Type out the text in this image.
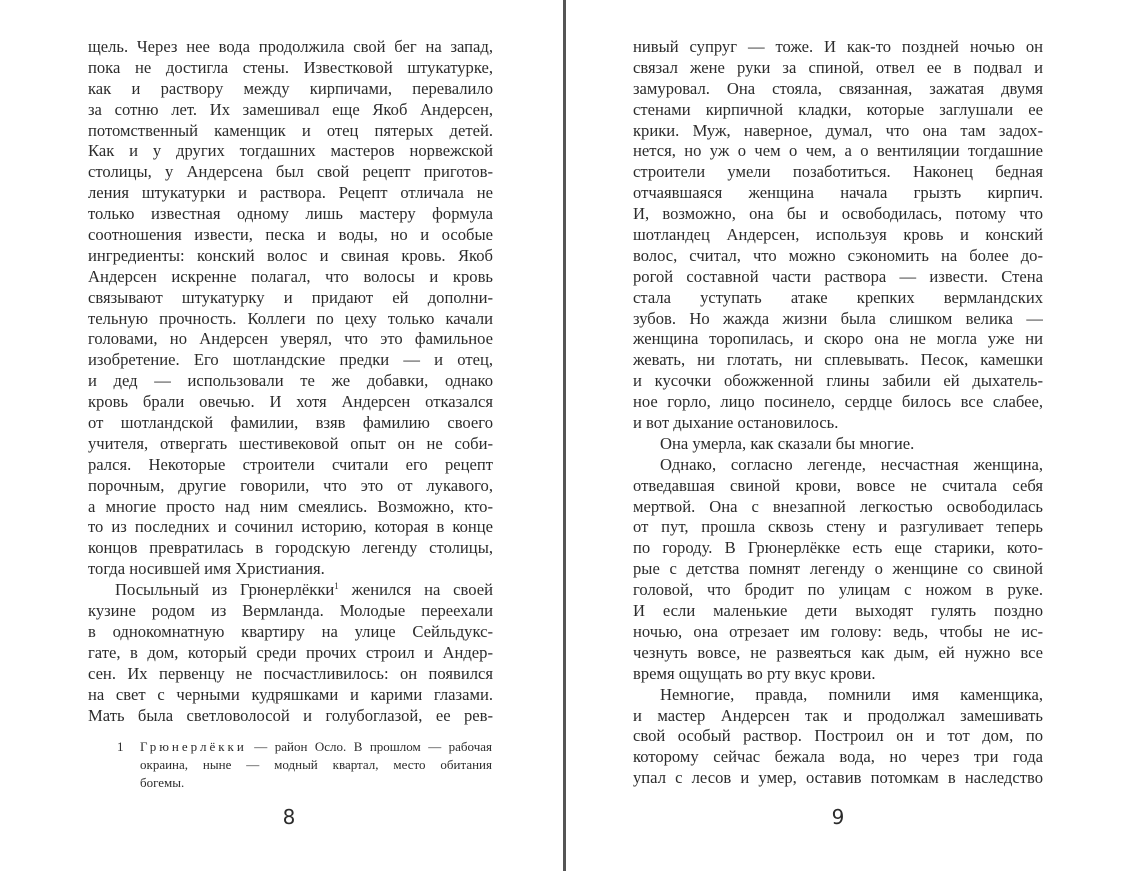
щель. Через нее вода продолжила свой бег на запад,
пока не достигла стены. Известковой штукатурке,
как и раствору между кирпичами, перевалило
за сотню лет. Их замешивал еще Якоб Андерсен,
потомственный каменщик и отец пятерых детей.
Как и у других тогдашних мастеров норвежской
столицы, у Андерсена был свой рецепт приготов-
ления штукатурки и раствора. Рецепт отличала не
только известная одному лишь мастеру формула
соотношения извести, песка и воды, но и особые
ингредиенты: конский волос и свиная кровь. Якоб
Андерсен искренне полагал, что волосы и кровь
связывают штукатурку и придают ей дополни-
тельную прочность. Коллеги по цеху только качали
головами, но Андерсен уверял, что это фамильное
изобретение. Его шотландские предки — и отец,
и дед — использовали те же добавки, однако
кровь брали овечью. И хотя Андерсен отказался
от шотландской фамилии, взяв фамилию своего
учителя, отвергать шестивековой опыт он не соби-
рался. Некоторые строители считали его рецепт
порочным, другие говорили, что это от лукавого,
а многие просто над ним смеялись. Возможно, кто-
то из последних и сочинил историю, которая в конце
концов превратилась в городскую легенду столицы,
тогда носившей имя Христиания.
Посыльный из Грюнерлёкки$^1$ женился на своей
кузине родом из Вермланда. Молодые переехали
в однокомнатную квартиру на улице Сейльдукс-
гате, в дом, который среди прочих строил и Андер-
сен. Их первенцу не посчастливилось: он появился
на свет с черными кудряшками и карими глазами.
Мать была светловолосой и голубоглазой, ее рев-
нивый супруг — тоже. И как-то поздней ночью он
связал жене руки за спиной, отвел ее в подвал и
замуровал. Она стояла, связанная, зажатая двумя
стенами кирпичной кладки, которые заглушали ее
крики. Муж, наверное, думал, что она там задох-
нется, но уж о чем о чем, а о вентиляции тогдашние
строители умели позаботиться. Наконец бедная
отчаявшаяся женщина начала грызть кирпич.
И, возможно, она бы и освободилась, потому что
шотландец Андерсен, используя кровь и конский
волос, считал, что можно сэкономить на более до-
рогой составной части раствора — извести. Стена
стала уступать атаке крепких вермландских
зубов. Но жажда жизни была слишком велика —
женщина торопилась, и скоро она не могла уже ни
жевать, ни глотать, ни сплевывать. Песок, камешки
и кусочки обожженной глины забили ей дыхатель-
ное горло, лицо посинело, сердце билось все слабее,
и вот дыхание остановилось.
Она умерла, как сказали бы многие.
Однако, согласно легенде, несчастная женщина,
отведавшая свиной крови, вовсе не считала себя
мертвой. Она с внезапной легкостью освободилась
от пут, прошла сквозь стену и разгуливает теперь
по городу. В Грюнерлёкке есть еще старики, кото-
рые с детства помнят легенду о женщине со свиной
головой, что бродит по улицам с ножом в руке.
И если маленькие дети выходят гулять поздно
ночью, она отрезает им голову: ведь, чтобы не ис-
чезнуть вовсе, не развеяться как дым, ей нужно все
время ощущать во рту вкус крови.
Немногие, правда, помнили имя каменщика,
и мастер Андерсен так и продолжал замешивать
свой особый раствор. Построил он и тот дом, по
которому сейчас бежала вода, но через три года
упал с лесов и умер, оставив потомкам в наследство
1 Грюнерлёкки — район Осло. В прошлом — рабочая
окраина, ныне — модный квартал, место обитания
богемы.
8	9
